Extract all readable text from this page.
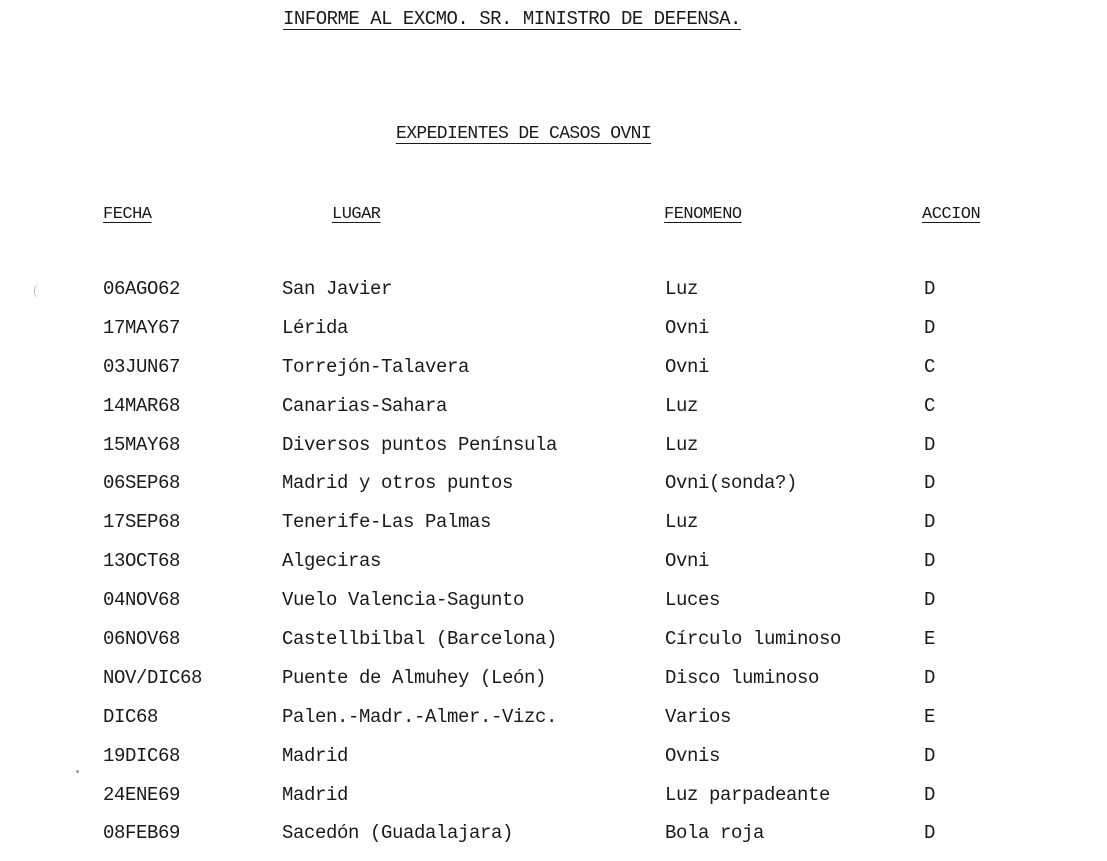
INFORME AL EXCMO. SR. MINISTRO DE DEFENSA.
EXPEDIENTES DE CASOS OVNI
FECHA	LUGAR	FENOMENO	ACCION
06AGO62	San Javier	Luz	D
17MAY67	Lérida	Ovni	D
03JUN67	Torrejón-Talavera	Ovni	C
14MAR68	Canarias-Sahara	Luz	C
15MAY68	Diversos puntos Península	Luz	D
06SEP68	Madrid y otros puntos	Ovni(sonda?)	D
17SEP68	Tenerife-Las Palmas	Luz	D
13OCT68	Algeciras	Ovni	D
04NOV68	Vuelo Valencia-Sagunto	Luces	D
06NOV68	Castellbilbal (Barcelona)	Círculo luminoso	E
NOV/DIC68	Puente de Almuhey (León)	Disco luminoso	D
DIC68	Palen.-Madr.-Almer.-Vizc.	Varios	E
19DIC68	Madrid	Ovnis	D
24ENE69	Madrid	Luz parpadeante	D
08FEB69	Sacedón (Guadalajara)	Bola roja	D
